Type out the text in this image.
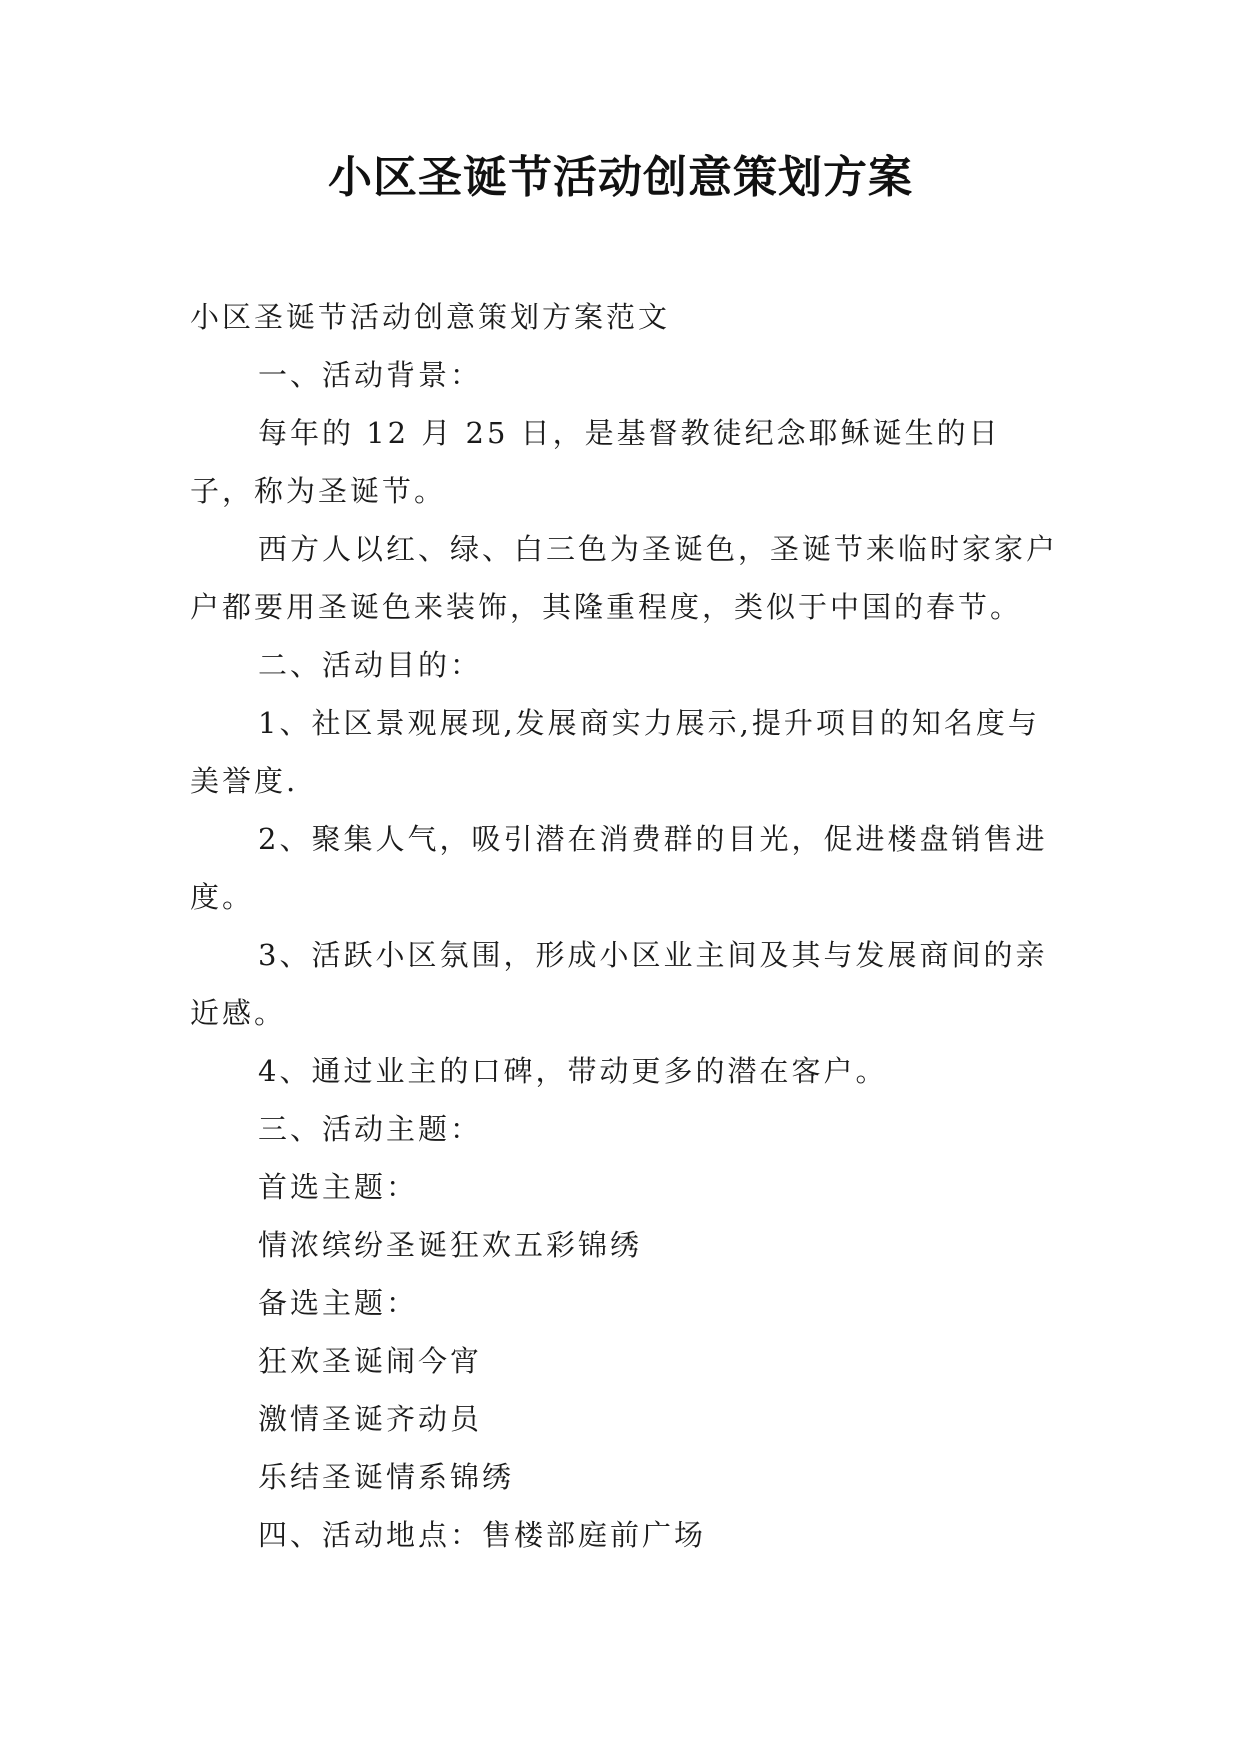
小区圣诞节活动创意策划方案

小区圣诞节活动创意策划方案范文

一、活动背景：

每年的 12 月 25 日，是基督教徒纪念耶稣诞生的日子，称为圣诞节。

西方人以红、绿、白三色为圣诞色，圣诞节来临时家家户户都要用圣诞色来装饰，其隆重程度，类似于中国的春节。

二、活动目的：

1、社区景观展现,发展商实力展示,提升项目的知名度与美誉度.

2、聚集人气，吸引潜在消费群的目光，促进楼盘销售进度。

3、活跃小区氛围，形成小区业主间及其与发展商间的亲近感。

4、通过业主的口碑，带动更多的潜在客户。

三、活动主题：

首选主题：

情浓缤纷圣诞狂欢五彩锦绣

备选主题：

狂欢圣诞闹今宵

激情圣诞齐动员

乐结圣诞情系锦绣

四、活动地点：售楼部庭前广场
